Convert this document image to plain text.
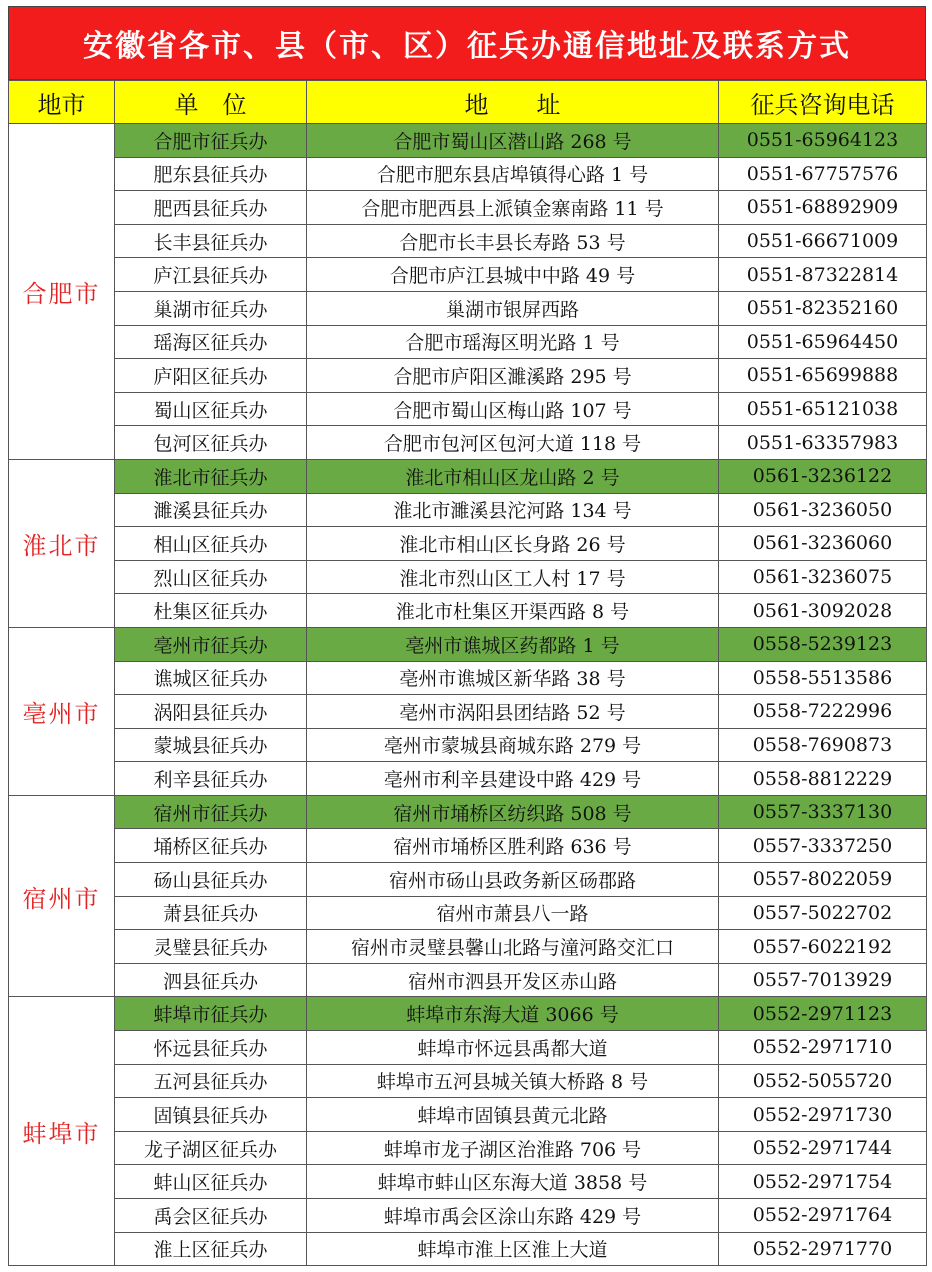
安徽省各市、县（市、区）征兵办通信地址及联系方式
地市	单　位	地　　址	征兵咨询电话
合肥市	合肥市征兵办	合肥市蜀山区潜山路 268 号	0551-65964123
	肥东县征兵办	合肥市肥东县店埠镇得心路 1 号	0551-67757576
	肥西县征兵办	合肥市肥西县上派镇金寨南路 11 号	0551-68892909
	长丰县征兵办	合肥市长丰县长寿路 53 号	0551-66671009
	庐江县征兵办	合肥市庐江县城中中路 49 号	0551-87322814
	巢湖市征兵办	巢湖市银屏西路	0551-82352160
	瑶海区征兵办	合肥市瑶海区明光路 1 号	0551-65964450
	庐阳区征兵办	合肥市庐阳区濉溪路 295 号	0551-65699888
	蜀山区征兵办	合肥市蜀山区梅山路 107 号	0551-65121038
	包河区征兵办	合肥市包河区包河大道 118 号	0551-63357983
淮北市	淮北市征兵办	淮北市相山区龙山路 2 号	0561-3236122
	濉溪县征兵办	淮北市濉溪县沱河路 134 号	0561-3236050
	相山区征兵办	淮北市相山区长身路 26 号	0561-3236060
	烈山区征兵办	淮北市烈山区工人村 17 号	0561-3236075
	杜集区征兵办	淮北市杜集区开渠西路 8 号	0561-3092028
亳州市	亳州市征兵办	亳州市谯城区药都路 1 号	0558-5239123
	谯城区征兵办	亳州市谯城区新华路 38 号	0558-5513586
	涡阳县征兵办	亳州市涡阳县团结路 52 号	0558-7222996
	蒙城县征兵办	亳州市蒙城县商城东路 279 号	0558-7690873
	利辛县征兵办	亳州市利辛县建设中路 429 号	0558-8812229
宿州市	宿州市征兵办	宿州市埇桥区纺织路 508 号	0557-3337130
	埇桥区征兵办	宿州市埇桥区胜利路 636 号	0557-3337250
	砀山县征兵办	宿州市砀山县政务新区砀郡路	0557-8022059
	萧县征兵办	宿州市萧县八一路	0557-5022702
	灵璧县征兵办	宿州市灵璧县馨山北路与潼河路交汇口	0557-6022192
	泗县征兵办	宿州市泗县开发区赤山路	0557-7013929
蚌埠市	蚌埠市征兵办	蚌埠市东海大道 3066 号	0552-2971123
	怀远县征兵办	蚌埠市怀远县禹都大道	0552-2971710
	五河县征兵办	蚌埠市五河县城关镇大桥路 8 号	0552-5055720
	固镇县征兵办	蚌埠市固镇县黄元北路	0552-2971730
	龙子湖区征兵办	蚌埠市龙子湖区治淮路 706 号	0552-2971744
	蚌山区征兵办	蚌埠市蚌山区东海大道 3858 号	0552-2971754
	禹会区征兵办	蚌埠市禹会区涂山东路 429 号	0552-2971764
	淮上区征兵办	蚌埠市淮上区淮上大道	0552-2971770
